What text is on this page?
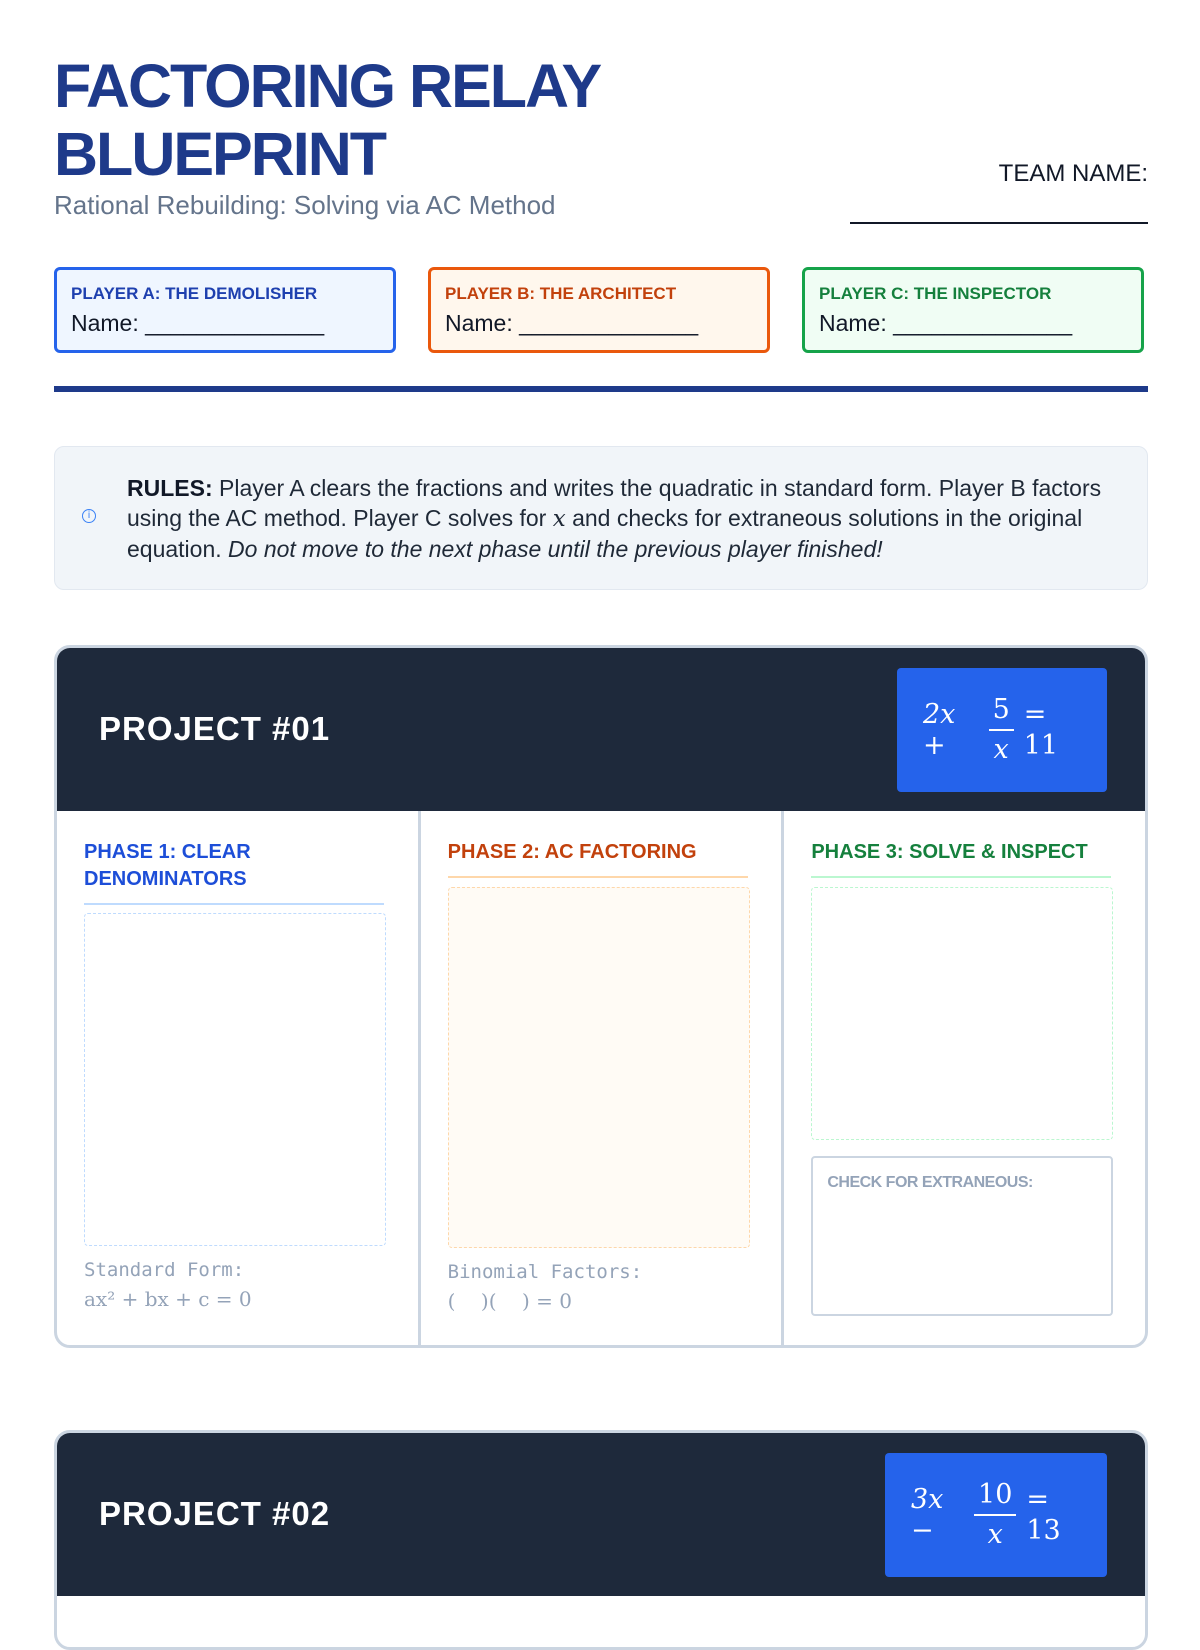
FACTORING RELAY
BLUEPRINT
Rational Rebuilding: Solving via AC Method
TEAM NAME:
PLAYER A: THE DEMOLISHER
Name: ______________
PLAYER B: THE ARCHITECT
Name: ______________
PLAYER C: THE INSPECTOR
Name: ______________
i
RULES: Player A clears the fractions and writes the quadratic in standard form. Player B factors using the AC method. Player C solves for x and checks for extraneous solutions in the original equation. Do not move to the next phase until the previous player finished!
PROJECT #01	2x +	$\frac{5}{x} = 11$
PHASE 1: CLEAR DENOMINATORS
Standard Form:
ax² + bx + c = 0
PHASE 2: AC FACTORING
Binomial Factors:
(    )(    ) = 0
PHASE 3: SOLVE & INSPECT
CHECK FOR EXTRANEOUS:
PROJECT #02	3x −	$\frac{10}{x} = 13$
